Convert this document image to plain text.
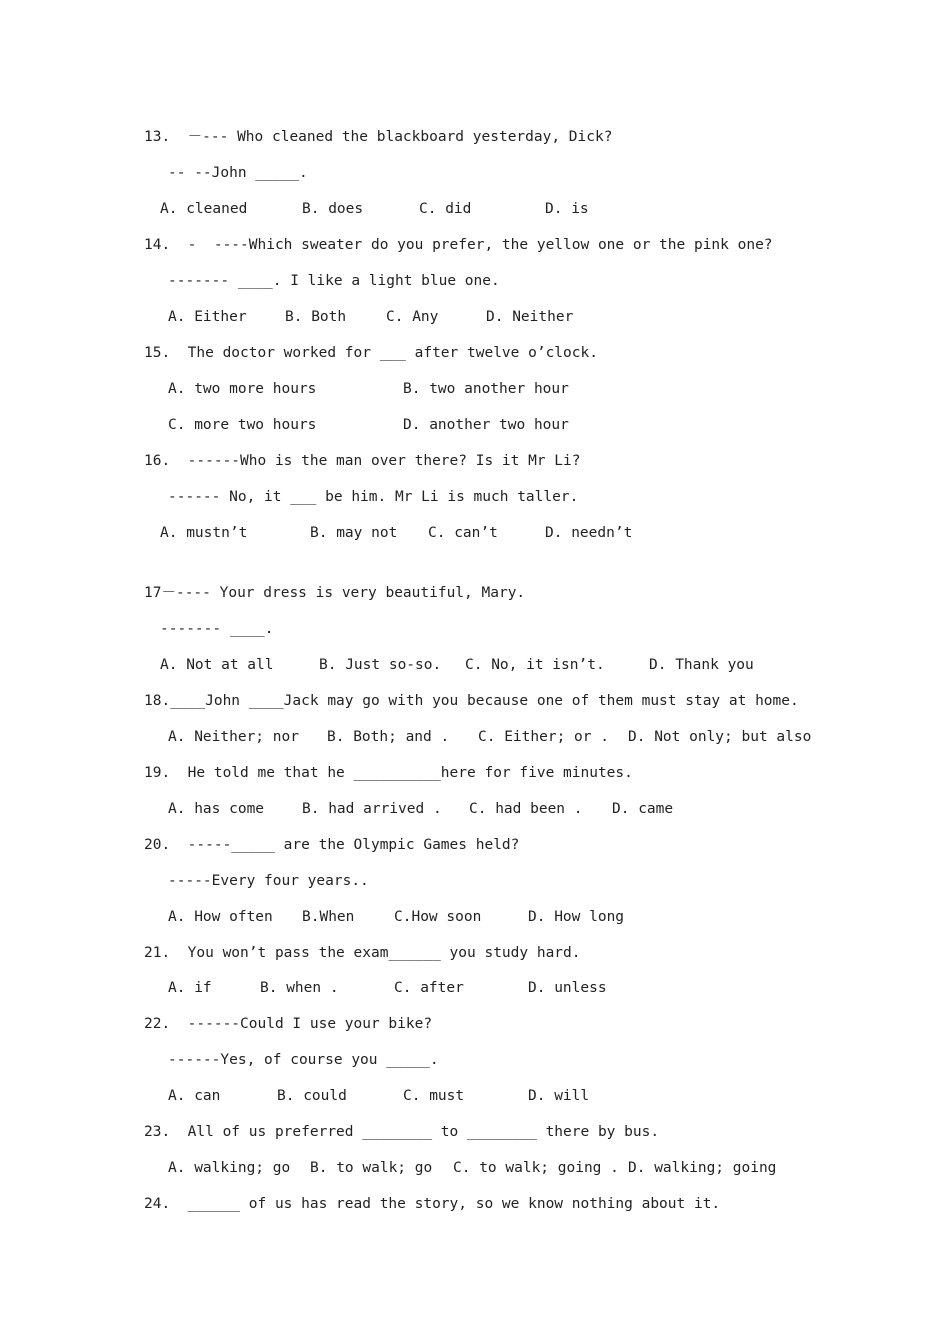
13.  －--- Who cleaned the blackboard yesterday, Dick?
-- --John _____.
A. cleaned	B. does	C. did	D. is
14.  -  ----Which sweater do you prefer, the yellow one or the pink one?
------- ____. I like a light blue one.
A. Either	B. Both	C. Any	D. Neither
15.  The doctor worked for ___ after twelve o’clock.
A. two more hours	B. two another hour
C. more two hours	D. another two hour
16.  ------Who is the man over there? Is it Mr Li?
------ No, it ___ be him. Mr Li is much taller.
A. mustn’t	B. may not C. can’t	D. needn’t
17－---- Your dress is very beautiful, Mary.
------- ____.
A. Not at all	B. Just so-so. C. No, it isn’t.	D. Thank you
18.____John ____Jack may go with you because one of them must stay at home.
A. Neither; nor B. Both; and . C. Either; or . D. Not only; but also
19.  He told me that he __________here for five minutes.
A. has come	B. had arrived . C. had been . D. came
20.  -----_____ are the Olympic Games held?
-----Every four years..
A. How often B.When	C.How soon	D. How long
21.  You won’t pass the exam______ you study hard.
A. if	B. when .	C. after	D. unless
22.  ------Could I use your bike?
------Yes, of course you _____.
A. can	B. could	C. must	D. will
23.  All of us preferred ________ to ________ there by bus.
A. walking; go B. to walk; go C. to walk; going . D. walking; going
24.  ______ of us has read the story, so we know nothing about it.
